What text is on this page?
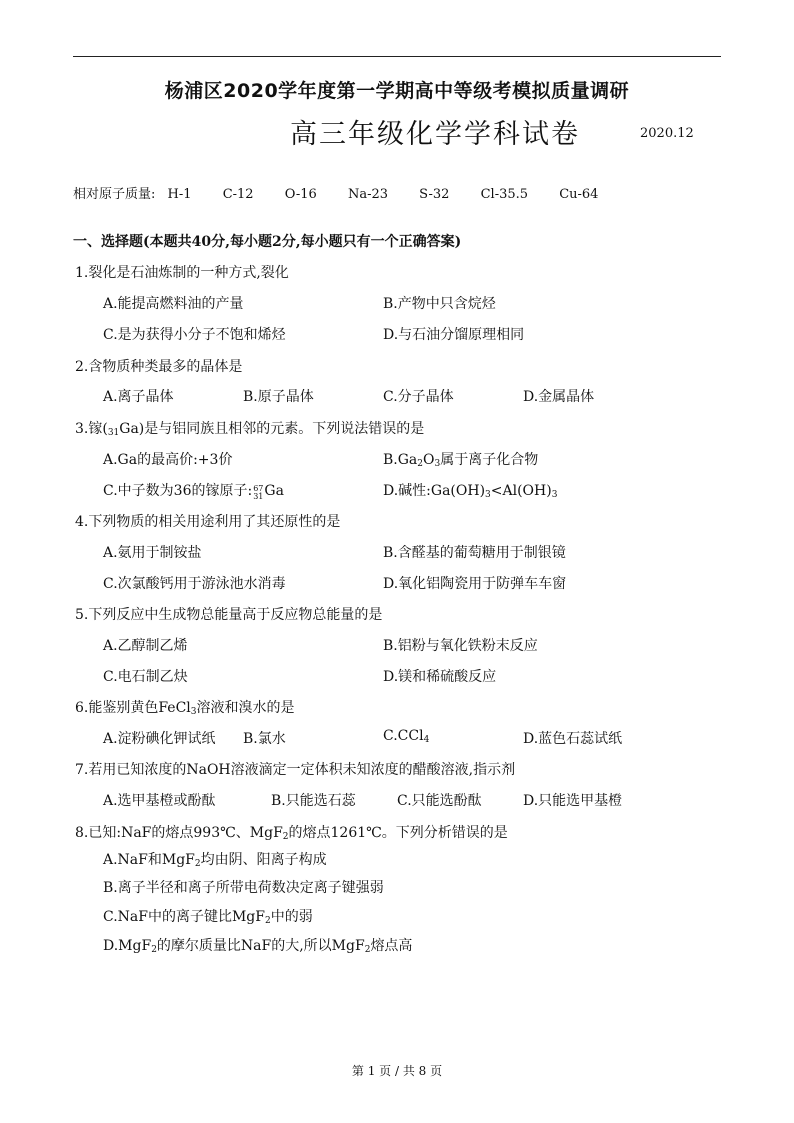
杨浦区2020学年度第一学期高中等级考模拟质量调研
高三年级化学学科试卷	2020.12
相对原子质量: H-1 C-12 O-16 Na-23 S-32 Cl-35.5 Cu-64
一、选择题(本题共40分,每小题2分,每小题只有一个正确答案)
1.裂化是石油炼制的一种方式,裂化
A.能提高燃料油的产量	B.产物中只含烷烃
C.是为获得小分子不饱和烯烃	D.与石油分馏原理相同
2.含物质种类最多的晶体是
A.离子晶体	B.原子晶体	C.分子晶体	D.金属晶体
3.镓$(_{31}Ga)$是与铝同族且相邻的元素。下列说法错误的是
A.Ga的最高价:+3价	$B.Ga_2O_3$属于离子化合物
C.中子数为36的镓原子:67
31Ga	D.碱性$:Ga(OH)_3<Al(OH)_3$
4.下列物质的相关用途利用了其还原性的是
A.氨用于制铵盐	B.含醛基的葡萄糖用于制银镜
C.次氯酸钙用于游泳池水消毒	D.氧化铝陶瓷用于防弹车车窗
5.下列反应中生成物总能量高于反应物总能量的是
A.乙醇制乙烯	B.铝粉与氧化铁粉末反应
C.电石制乙炔	D.镁和稀硫酸反应
6.能鉴别黄色FeCl$_3$溶液和溴水的是
A.淀粉碘化钾试纸 B.氯水	C.CCl$_4$	D.蓝色石蕊试纸
7.若用已知浓度的NaOH溶液滴定一定体积未知浓度的醋酸溶液,指示剂
A.选甲基橙或酚酞	B.只能选石蕊	C.只能选酚酞	D.只能选甲基橙
8.已知:NaF的熔点993℃、MgF$_2$的熔点1261℃。下列分析错误的是
A.NaF和MgF$_2$均由阴、阳离子构成
B.离子半径和离子所带电荷数决定离子键强弱
C.NaF中的离子键比MgF$_2$中的弱
D.MgF$_2$的摩尔质量比NaF的大,所以MgF$_2$熔点高
第 1 页 / 共 8 页
